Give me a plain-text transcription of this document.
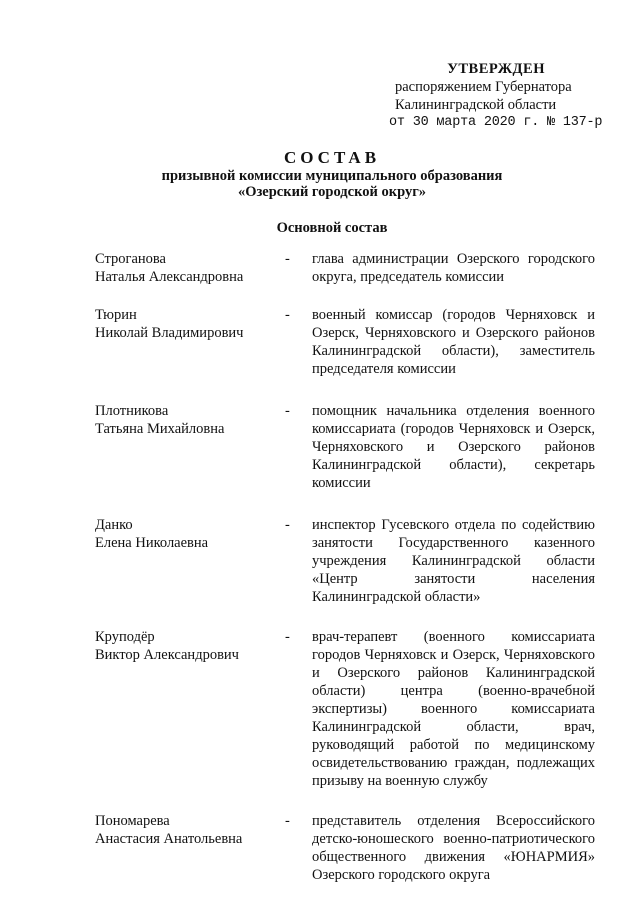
УТВЕРЖДЕН
распоряжением Губернатора
Калининградской области
от 30 марта 2020 г. № 137-р
СОСТАВ
призывной комиссии муниципального образования
«Озерский городской округ»
Основной состав
Строганова
Наталья Александровна
-	глава администрации Озерского городского округа, председатель комиссии
Тюрин
Николай Владимирович
-	военный комиссар (городов Черняховск и Озерск, Черняховского и Озерского районов Калининградской области), заместитель председателя комиссии
Плотникова
Татьяна Михайловна
-	помощник начальника отделения военного комиссариата (городов Черняховск и Озерск, Черняховского и Озерского районов Калининградской области), секретарь комиссии
Данко
Елена Николаевна
-	инспектор Гусевского отдела по содействию занятости Государственного казенного учреждения Калининградской области «Центр занятости населения Калининградской области»
Круподёр
Виктор Александрович
-	врач-терапевт (военного комиссариата городов Черняховск и Озерск, Черняховского и Озерского районов Калининградской области) центра (военно-врачебной экспертизы) военного комиссариата Калининградской области, врач, руководящий работой по медицинскому освидетельствованию граждан, подлежащих призыву на военную службу
Пономарева
Анастасия Анатольевна
-	представитель отделения Всероссийского детско-юношеского военно-патриотического общественного движения «ЮНАРМИЯ» Озерского городского округа
